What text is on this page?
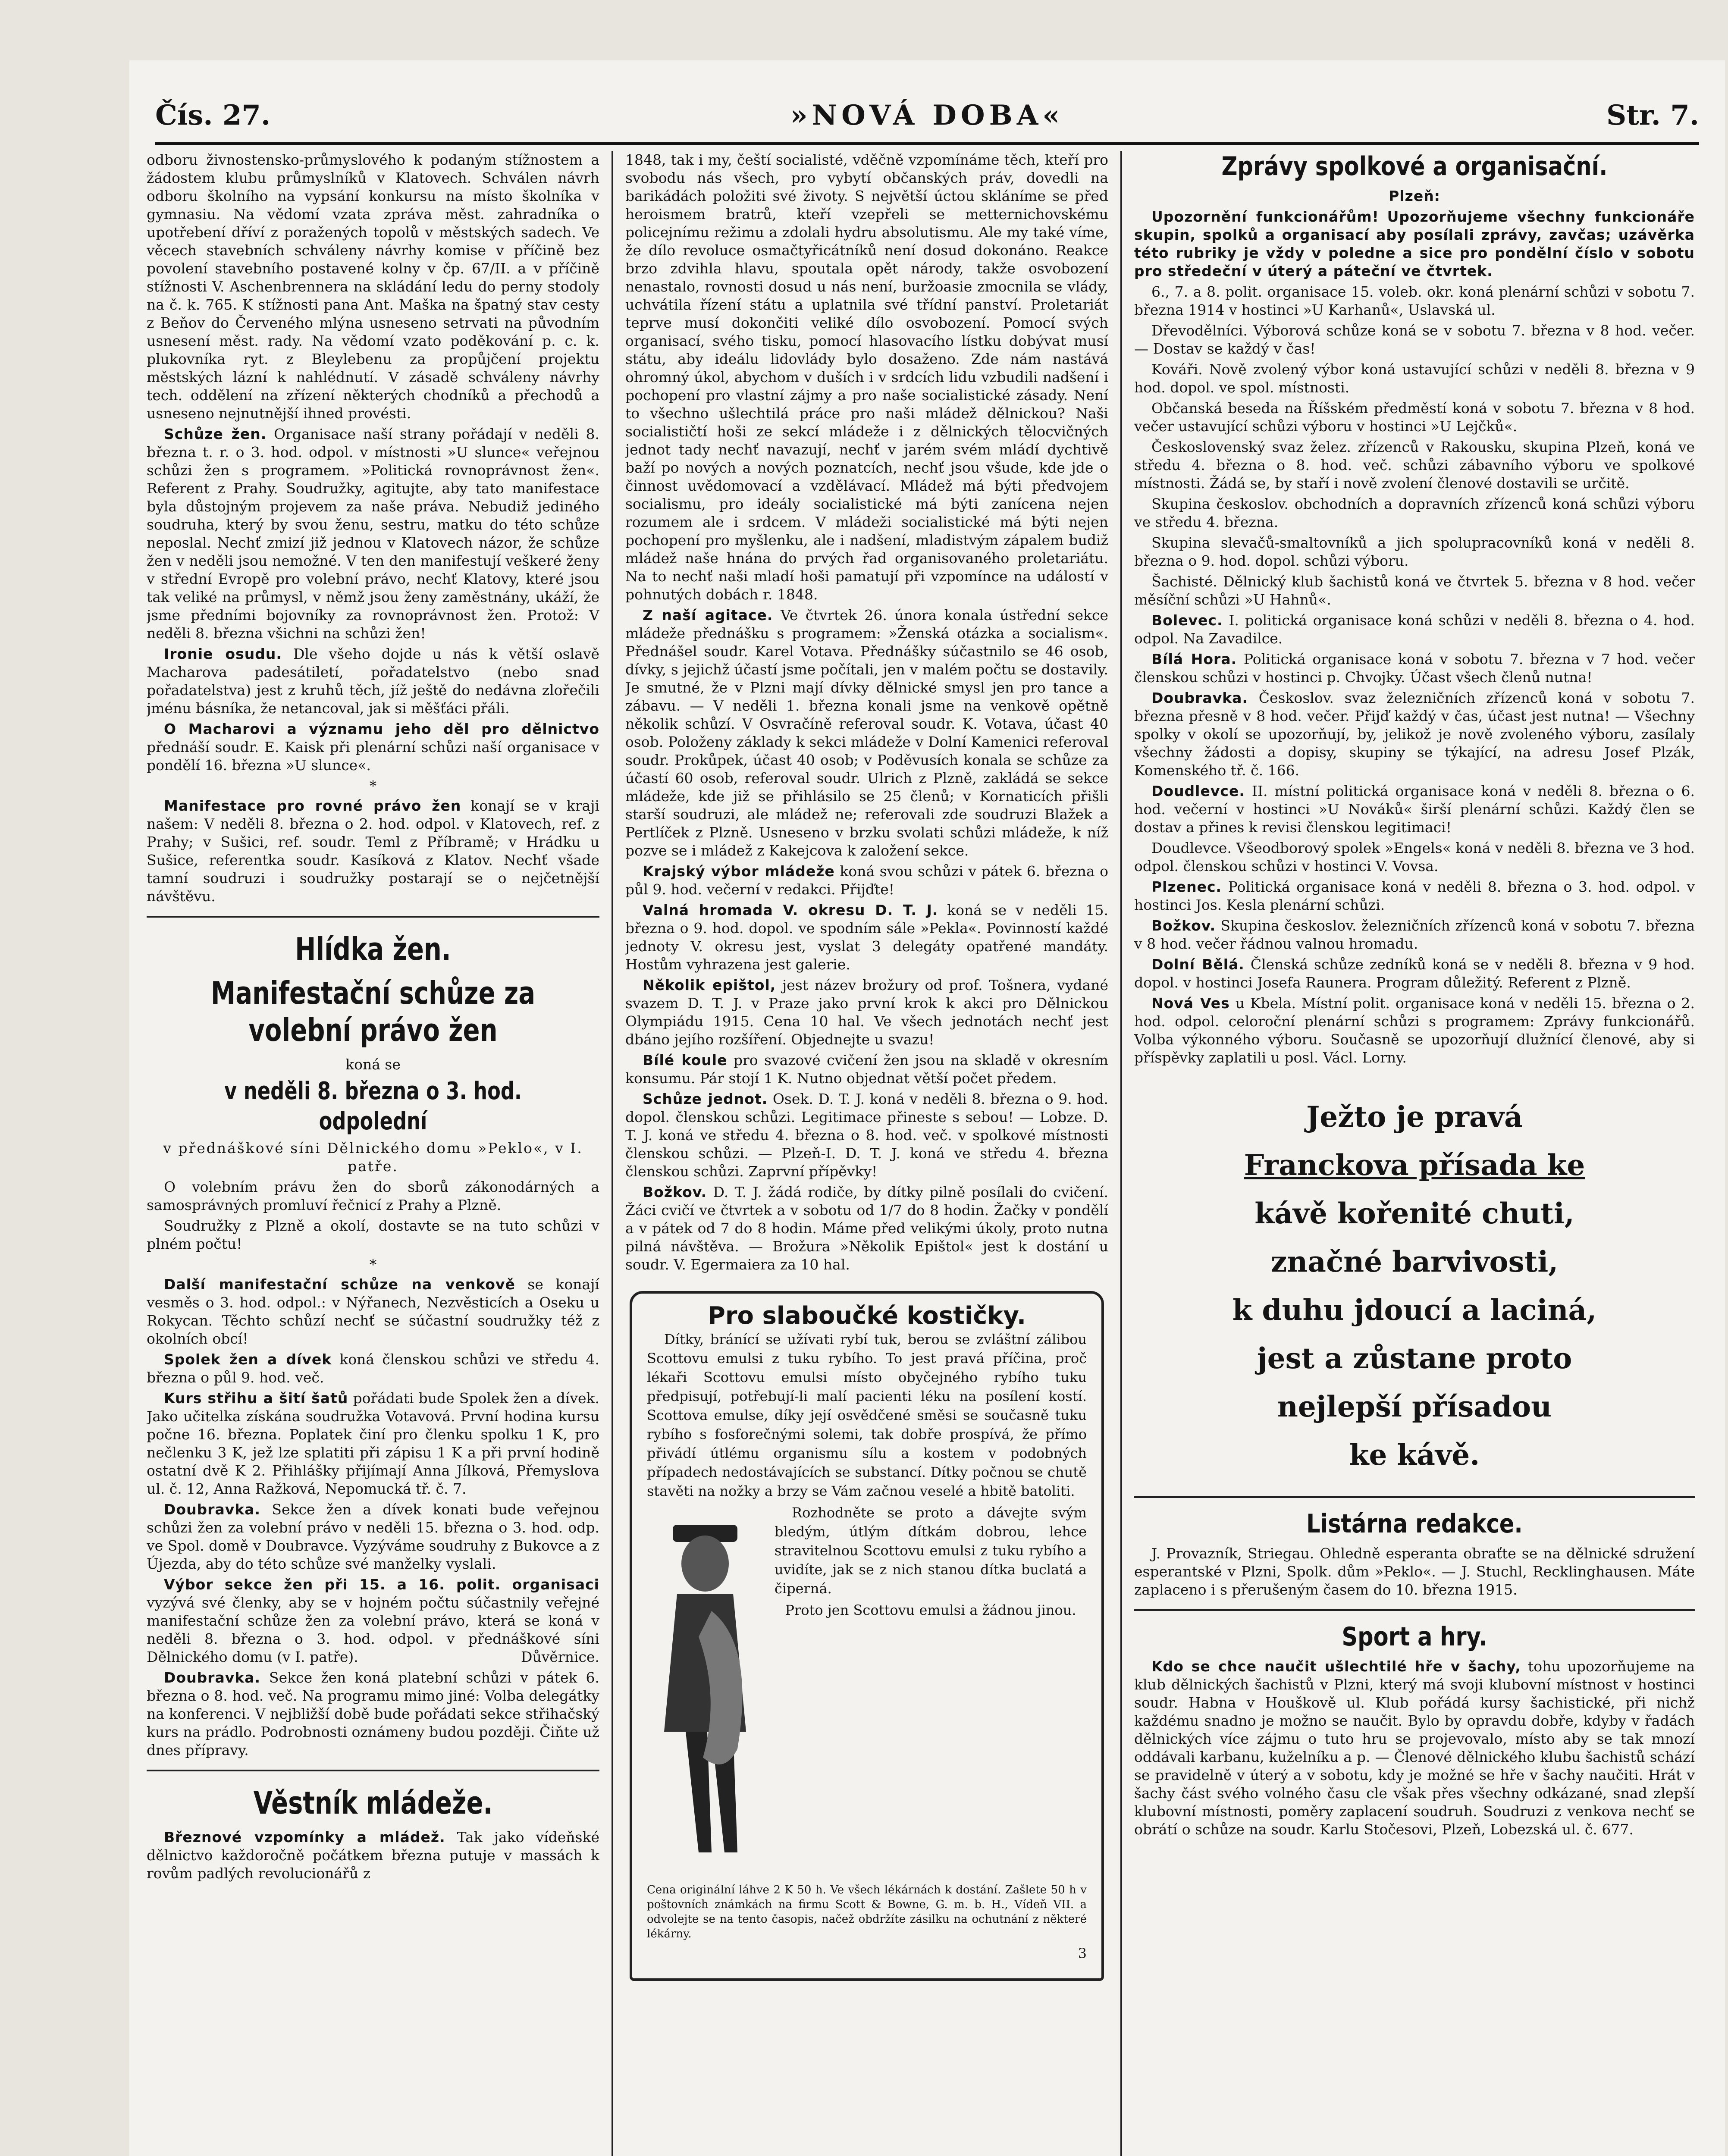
Čís. 27.	»NOVÁ DOBA«	Str. 7.

odboru živnostensko-průmyslového k podaným stížnostem a žádostem klubu průmyslníků v Klatovech. Schválen návrh odboru školního na vypsání konkursu na místo školníka v gymnasiu. Na vědomí vzata zpráva měst. zahradníka o upotřebení dříví z poražených topolů v městských sadech. Ve věcech stavebních schváleny návrhy komise v příčině bez povolení stavebního postavené kolny v čp. 67/II. a v příčině stížnosti V. Aschenbrennera na skládání ledu do perny stodoly na č. k. 765. K stížnosti pana Ant. Maška na špatný stav cesty z Beňov do Červeného mlýna usneseno setrvati na původním usnesení měst. rady. Na vědomí vzato poděkování p. c. k. plukovníka ryt. z Bleylebenu za propůjčení projektu městských lázní k nahlédnutí. V zásadě schváleny návrhy tech. oddělení na zřízení některých chodníků a přechodů a usneseno nejnutnější ihned provésti.

Schůze žen. Organisace naší strany pořádají v neděli 8. března t. r. o 3. hod. odpol. v místnosti »U slunce« veřejnou schůzi žen s programem. »Politická rovnoprávnost žen«. Referent z Prahy. Soudružky, agitujte, aby tato manifestace byla důstojným projevem za naše práva. Nebudiž jediného soudruha, který by svou ženu, sestru, matku do této schůze neposlal. Nechť zmizí již jednou v Klatovech názor, že schůze žen v neděli jsou nemožné. V ten den manifestují veškeré ženy v střední Evropě pro volební právo, nechť Klatovy, které jsou tak veliké na průmysl, v němž jsou ženy zaměstnány, ukáží, že jsme předními bojovníky za rovnoprávnost žen. Protož: V neděli 8. března všichni na schůzi žen!

Ironie osudu. Dle všeho dojde u nás k větší oslavě Macharova padesátiletí, pořadatelstvo (nebo snad pořadatelstva) jest z kruhů těch, jíž ještě do nedávna zlořečili jménu básníka, že netancoval, jak si měšťáci přáli.

O Macharovi a významu jeho děl pro dělnictvo přednáší soudr. E. Kaisk při plenární schůzi naší organisace v pondělí 16. března »U slunce«.

*

Manifestace pro rovné právo žen konají se v kraji našem: V neděli 8. března o 2. hod. odpol. v Klatovech, ref. z Prahy; v Sušici, ref. soudr. Teml z Příbramě; v Hrádku u Sušice, referentka soudr. Kasíková z Klatov. Nechť všade tamní soudruzi i soudružky postarají se o nejčetnější návštěvu.

Hlídka žen.
Manifestační schůze za volební právo žen

koná se

v neděli 8. března o 3. hod. odpolední

v přednáškové síni Dělnického domu »Peklo«, v I. patře.

O volebním právu žen do sborů zákonodárných a samosprávných promluví řečnicí z Prahy a Plzně.

Soudružky z Plzně a okolí, dostavte se na tuto schůzi v plném počtu!

*

Další manifestační schůze na venkově se konají vesměs o 3. hod. odpol.: v Nýřanech, Nezvěsticích a Oseku u Rokycan. Těchto schůzí nechť se súčastní soudružky též z okolních obcí!

Spolek žen a dívek koná členskou schůzi ve středu 4. března o půl 9. hod. več.

Kurs střihu a šití šatů pořádati bude Spolek žen a dívek. Jako učitelka získána soudružka Votavová. První hodina kursu počne 16. března. Poplatek činí pro členku spolku 1 K, pro nečlenku 3 K, jež lze splatiti při zápisu 1 K a při první hodině ostatní dvě K 2. Přihlášky přijímají Anna Jílková, Přemyslova ul. č. 12, Anna Ražková, Nepomucká tř. č. 7.

Doubravka. Sekce žen a dívek konati bude veřejnou schůzi žen za volební právo v neděli 15. března o 3. hod. odp. ve Spol. domě v Doubravce. Vyzýváme soudruhy z Bukovce a z Újezda, aby do této schůze své manželky vyslali.

Výbor sekce žen při 15. a 16. polit. organisaci vyzývá své členky, aby se v hojném počtu súčastnily veřejné manifestační schůze žen za volební právo, která se koná v neděli 8. března o 3. hod. odpol. v přednáškové síni Dělnického domu (v I. patře).	Důvěrnice.

Doubravka. Sekce žen koná platební schůzi v pátek 6. března o 8. hod. več. Na programu mimo jiné: Volba delegátky na konferenci. V nejbližší době bude pořádati sekce střihačský kurs na prádlo. Podrobnosti oznámeny budou později. Čiňte už dnes přípravy.

Věstník mládeže.

Březnové vzpomínky a mládež. Tak jako vídeňské dělnictvo každoročně počátkem března putuje v massách k rovům padlých revolucionářů z

1848, tak i my, čeští socialisté, vděčně vzpomínáme těch, kteří pro svobodu nás všech, pro vybytí občanských práv, dovedli na barikádách položiti své životy. S největší úctou skláníme se před heroismem bratrů, kteří vzepřeli se metternichovskému policejnímu režimu a zdolali hydru absolutismu. Ale my také víme, že dílo revoluce osmačtyřicátníků není dosud dokonáno. Reakce brzo zdvihla hlavu, spoutala opět národy, takže osvobození nenastalo, rovnosti dosud u nás není, buržoasie zmocnila se vlády, uchvátila řízení státu a uplatnila své třídní panství. Proletariát teprve musí dokončiti veliké dílo osvobození. Pomocí svých organisací, svého tisku, pomocí hlasovacího lístku dobývat musí státu, aby ideálu lidovlády bylo dosaženo. Zde nám nastává ohromný úkol, abychom v duších i v srdcích lidu vzbudili nadšení i pochopení pro vlastní zájmy a pro naše socialistické zásady. Není to všechno ušlechtilá práce pro naši mládež dělnickou? Naši socialističtí hoši ze sekcí mládeže i z dělnických tělocvičných jednot tady nechť navazují, nechť v jarém svém mládí dychtivě baží po nových a nových poznatcích, nechť jsou všude, kde jde o činnost uvědomovací a vzdělávací. Mládež má býti předvojem socialismu, pro ideály socialistické má býti zanícena nejen rozumem ale i srdcem. V mládeži socialistické má býti nejen pochopení pro myšlenku, ale i nadšení, mladistvým zápalem budiž mládež naše hnána do prvých řad organisovaného proletariátu. Na to nechť naši mladí hoši pamatují při vzpomínce na událostí v pohnutých dobách r. 1848.

Z naší agitace. Ve čtvrtek 26. února konala ústřední sekce mládeže přednášku s programem: »Ženská otázka a socialism«. Přednášel soudr. Karel Votava. Přednášky súčastnilo se 46 osob, dívky, s jejichž účastí jsme počítali, jen v malém počtu se dostavily. Je smutné, že v Plzni mají dívky dělnické smysl jen pro tance a zábavu. — V neděli 1. března konali jsme na venkově opětně několik schůzí. V Osvračíně referoval soudr. K. Votava, účast 40 osob. Položeny základy k sekci mládeže v Dolní Kamenici referoval soudr. Prokůpek, účast 40 osob; v Poděvusích konala se schůze za účastí 60 osob, referoval soudr. Ulrich z Plzně, zakládá se sekce mládeže, kde již se přihlásilo se 25 členů; v Kornaticích přišli starší soudruzi, ale mládež ne; referovali zde soudruzi Blažek a Pertlíček z Plzně. Usneseno v brzku svolati schůzi mládeže, k níž pozve se i mládež z Kakejcova k založení sekce.

Krajský výbor mládeže koná svou schůzi v pátek 6. března o půl 9. hod. večerní v redakci. Přijďte!

Valná hromada V. okresu D. T. J. koná se v neděli 15. března o 9. hod. dopol. ve spodním sále »Pekla«. Povinností každé jednoty V. okresu jest, vyslat 3 delegáty opatřené mandáty. Hostům vyhrazena jest galerie.

Několik epištol, jest název brožury od prof. Tošnera, vydané svazem D. T. J. v Praze jako první krok k akci pro Dělnickou Olympiádu 1915. Cena 10 hal. Ve všech jednotách nechť jest dbáno jejího rozšíření. Objednejte u svazu!

Bílé koule pro svazové cvičení žen jsou na skladě v okresním konsumu. Pár stojí 1 K. Nutno objednat větší počet předem.

Schůze jednot. Osek. D. T. J. koná v neděli 8. března o 9. hod. dopol. členskou schůzi. Legitimace přineste s sebou! — Lobze. D. T. J. koná ve středu 4. března o 8. hod. več. v spolkové místnosti členskou schůzi. — Plzeň-I. D. T. J. koná ve středu 4. března členskou schůzi. Zaprvní přípěvky!

Božkov. D. T. J. žádá rodiče, by dítky pilně posílali do cvičení. Žáci cvičí ve čtvrtek a v sobotu od 1/7 do 8 hodin. Žačky v pondělí a v pátek od 7 do 8 hodin. Máme před velikými úkoly, proto nutna pilná návštěva. — Brožura »Několik Epištol« jest k dostání u soudr. V. Egermaiera za 10 hal.

Pro slaboučké kostičky.

Dítky, bránící se užívati rybí tuk, berou se zvláštní zálibou Scottovu emulsi z tuku rybího. To jest pravá příčina, proč lékaři Scottovu emulsi místo obyčejného rybího tuku předpisují, potřebují-li malí pacienti léku na posílení kostí. Scottova emulse, díky její osvědčené směsi se současně tuku rybího s fosforečnými solemi, tak dobře prospívá, že přímo přivádí útlému organismu sílu a kostem v podobných případech nedostávajících se substancí. Dítky počnou se chutě stavěti na nožky a brzy se Vám začnou veselé a hbitě batoliti.

Rozhodněte se proto a dávejte svým bledým, útlým dítkám dobrou, lehce stravitelnou Scottovu emulsi z tuku rybího a uvidíte, jak se z nich stanou dítka buclatá a čiperná.

Proto jen Scottovu emulsi a žádnou jinou.

Cena originální láhve 2 K 50 h. Ve všech lékárnách k dostání. Zašlete 50 h v poštovních známkách na firmu Scott & Bowne, G. m. b. H., Vídeň VII. a odvolejte se na tento časopis, načež obdržíte zásilku na ochutnání z některé lékárny.

3

Zprávy spolkové a organisační.

Plzeň:

Upozornění funkcionářům! Upozorňujeme všechny funkcionáře skupin, spolků a organisací aby posílali zprávy, zavčas; uzávěrka této rubriky je vždy v poledne a sice pro pondělní číslo v sobotu pro středeční v úterý a páteční ve čtvrtek.

6., 7. a 8. polit. organisace 15. voleb. okr. koná plenární schůzi v sobotu 7. března 1914 v hostinci »U Karhanů«, Uslavská ul.

Dřevodělníci. Výborová schůze koná se v sobotu 7. března v 8 hod. večer. — Dostav se každý v čas!

Kováři. Nově zvolený výbor koná ustavující schůzi v neděli 8. března v 9 hod. dopol. ve spol. místnosti.

Občanská beseda na Říšském předměstí koná v sobotu 7. března v 8 hod. večer ustavující schůzi výboru v hostinci »U Lejčků«.

Československý svaz želez. zřízenců v Rakousku, skupina Plzeň, koná ve středu 4. března o 8. hod. več. schůzi zábavního výboru ve spolkové místnosti. Žádá se, by staří i nově zvolení členové dostavili se určitě.

Skupina českoslov. obchodních a dopravních zřízenců koná schůzi výboru ve středu 4. března.

Skupina slevačů-smaltovníků a jich spolupracovníků koná v neděli 8. března o 9. hod. dopol. schůzi výboru.

Šachisté. Dělnický klub šachistů koná ve čtvrtek 5. března v 8 hod. večer měsíční schůzi »U Hahnů«.

Bolevec. I. politická organisace koná schůzi v neděli 8. března o 4. hod. odpol. Na Zavadilce.

Bílá Hora. Politická organisace koná v sobotu 7. března v 7 hod. večer členskou schůzi v hostinci p. Chvojky. Účast všech členů nutna!

Doubravka. Českoslov. svaz železničních zřízenců koná v sobotu 7. března přesně v 8 hod. večer. Přijď každý v čas, účast jest nutna! — Všechny spolky v okolí se upozorňují, by, jelikož je nově zvoleného výboru, zasílaly všechny žádosti a dopisy, skupiny se týkající, na adresu Josef Plzák, Komenského tř. č. 166.

Doudlevce. II. místní politická organisace koná v neděli 8. března o 6. hod. večerní v hostinci »U Nováků« širší plenární schůzi. Každý člen se dostav a přines k revisi členskou legitimaci!

Doudlevce. Všeodborový spolek »Engels« koná v neděli 8. března ve 3 hod. odpol. členskou schůzi v hostinci V. Vovsa.

Plzenec. Politická organisace koná v neděli 8. března o 3. hod. odpol. v hostinci Jos. Kesla plenární schůzi.

Božkov. Skupina českoslov. železničních zřízenců koná v sobotu 7. března v 8 hod. večer řádnou valnou hromadu.

Dolní Bělá. Členská schůze zedníků koná se v neděli 8. března v 9 hod. dopol. v hostinci Josefa Raunera. Program důležitý. Referent z Plzně.

Nová Ves u Kbela. Místní polit. organisace koná v neděli 15. března o 2. hod. odpol. celoroční plenární schůzi s programem: Zprávy funkcionářů. Volba výkonného výboru. Současně se upozorňují dlužnící členové, aby si příspěvky zaplatili u posl. Václ. Lorny.

Ježto je pravá
Franckova přísada ke
kávě kořenité chuti,
značné barvivosti,
k duhu jdoucí a laciná,
jest a zůstane proto
nejlepší přísadou
ke kávě.
Listárna redakce.

J. Provazník, Striegau. Ohledně esperanta obraťte se na dělnické sdružení esperantské v Plzni, Spolk. dům »Peklo«. — J. Stuchl, Recklinghausen. Máte zaplaceno i s přerušeným časem do 10. března 1915.

Sport a hry.

Kdo se chce naučit ušlechtilé hře v šachy, tohu upozorňujeme na klub dělnických šachistů v Plzni, který má svoji klubovní místnost v hostinci soudr. Habna v Houškově ul. Klub pořádá kursy šachistické, při nichž každému snadno je možno se naučit. Bylo by opravdu dobře, kdyby v řadách dělnických více zájmu o tuto hru se projevovalo, místo aby se tak mnozí oddávali karbanu, kuželníku a p. — Členové dělnického klubu šachistů schází se pravidelně v úterý a v sobotu, kdy je možné se hře v šachy naučiti. Hrát v šachy část svého volného času cle však přes všechny odkázané, snad zlepší klubovní místnosti, poměry zaplacení soudruh. Soudruzi z venkova nechť se obrátí o schůze na soudr. Karlu Stočesovi, Plzeň, Lobezská ul. č. 677.
